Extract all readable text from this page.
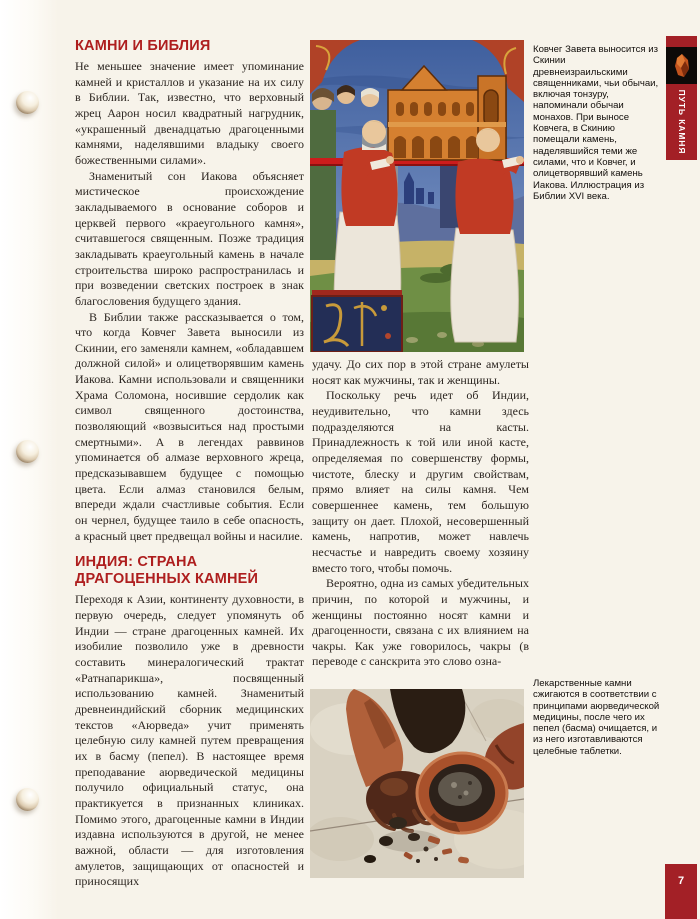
КАМНИ И БИБЛИЯ

Не меньшее значение имеет упоминание камней и кристаллов и указание на их силу в Библии. Так, известно, что верховный жрец Аарон носил квадратный нагрудник, «украшенный двенадцатью драгоценными камнями, наделявшими владыку своего божественными силами».

Знаменитый сон Иакова объясняет мистическое происхождение закладываемого в основание соборов и церквей первого «краеугольного камня», считавшегося священным. Позже традиция закладывать краеугольный камень в начале строительства широко распространилась и при возведении светских построек в знак благословения будущего здания.

В Библии также рассказывается о том, что когда Ковчег Завета выносили из Скинии, его заменяли камнем, «обладавшем должной силой» и олицетворявшим камень Иакова. Камни использовали и священники Храма Соломона, носившие сердолик как символ священного достоинства, позволяющий «возвыситься над простыми смертными». А в легендах раввинов упоминается об алмазе верховного жреца, предсказывавшем будущее с помощью цвета. Если алмаз становился белым, впереди ждали счастливые события. Если он чернел, будущее таило в себе опасность, а красный цвет предвещал войны и насилие.

ИНДИЯ: СТРАНА ДРАГОЦЕННЫХ КАМНЕЙ

Переходя к Азии, континенту духовности, в первую очередь, следует упомянуть об Индии — стране драгоценных камней. Их изобилие позволило уже в древности составить минералогический трактат «Ратнапарикша», посвященный использованию камней. Знаменитый древнеиндийский сборник медицинских текстов «Аюрведа» учит применять целебную силу камней путем превращения их в басму (пепел). В настоящее время преподавание аюрведической медицины получило официальный статус, она практикуется в признанных клиниках. Помимо этого, драгоценные камни в Индии издавна используются в другой, не менее важной, области — для изготовления амулетов, защищающих от опасностей и приносящих

удачу. До сих пор в этой стране амулеты носят как мужчины, так и женщины.

Поскольку речь идет об Индии, неудивительно, что камни здесь подразделяются на касты. Принадлежность к той или иной касте, определяемая по совершенству формы, чистоте, блеску и другим свойствам, прямо влияет на силы камня. Чем совершеннее камень, тем большую защиту он дает. Плохой, несовершенный камень, напротив, может навлечь несчастье и навредить своему хозяину вместо того, чтобы помочь.

Вероятно, одна из самых убедительных причин, по которой и мужчины, и женщины постоянно носят камни и драгоценности, связана с их влиянием на чакры. Как уже говорилось, чакры (в переводе с санскрита это слово озна-

Ковчег Завета выносится из Скинии древнеизраильскими священниками, чьи обычаи, включая тонзуру, напоминали обычаи монахов. При выносе Ковчега, в Скинию помещали камень, наделявшийся теми же силами, что и Ковчег, и олицетворявший камень Иакова. Иллюстрация из Библии XVI века.
Лекарственные камни сжигаются в соответствии с принципами аюрведической медицины, после чего их пепел (басма) очищается, и из него изготавливаются целебные таблетки.
ПУТЬ КАМНЯ
7
